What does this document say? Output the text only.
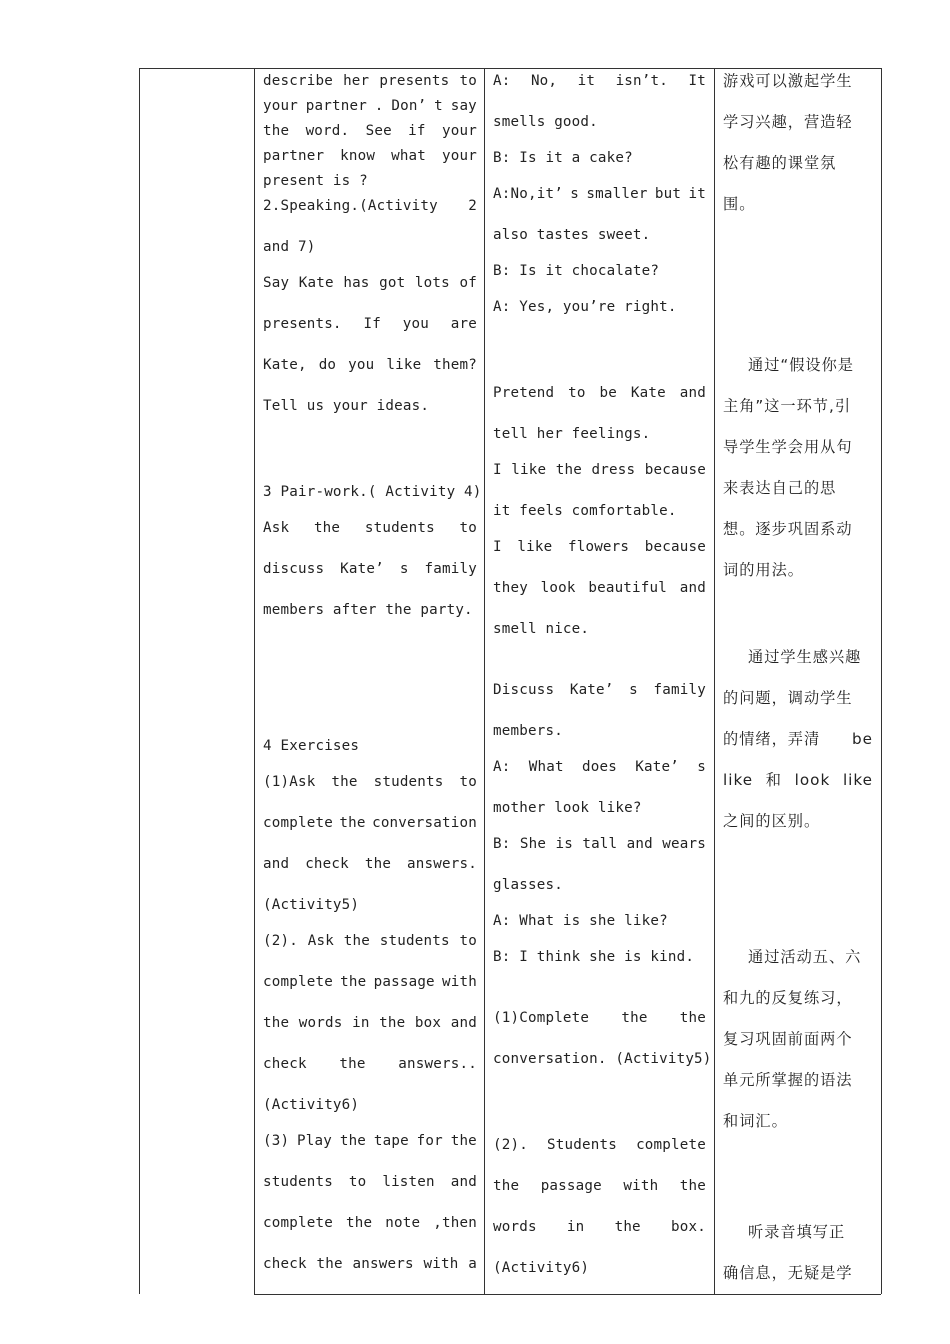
describe her presents to
your partner . Don’ t say
the word. See if your
partner know what your
present is ?
2.Speaking.(Activity 2
and 7)
Say Kate has got lots of
presents. If you are
Kate, do you like them?
Tell us your ideas.
3 Pair-work.( Activity 4)
Ask the students to
discuss Kate’ s family
members after the party.
4 Exercises
(1)Ask the students to
complete the conversation
and check the answers.
(Activity5)
(2). Ask the students to
complete the passage with
the words in the box and
check the answers..
(Activity6)
(3) Play the tape for the
students to listen and
complete the note ,then
check the answers with a
A: No, it isn’t. It
smells good.
B: Is it a cake?
A:No,it’ s smaller but it
also tastes sweet.
B: Is it chocalate?
A: Yes, you’re right.
Pretend to be Kate and
tell her feelings.
I like the dress because
it feels comfortable.
I like flowers because
they look beautiful and
smell nice.
Discuss Kate’ s family
members.
A: What does Kate’ s
mother look like?
B: She is tall and wears
glasses.
A: What is she like?
B: I think she is kind.
(1)Complete the the
conversation. (Activity5)
(2). Students complete
the passage with the
words in the box.
(Activity6)
游戏可以激起学生
学习兴趣，营造轻
松有趣的课堂氛
围。
通过“假设你是
主角”这一环节,引
导学生学会用从句
来表达自己的思
想。逐步巩固系动
词的用法。
通过学生感兴趣
的问题，调动学生
的情绪，弄清 be
like 和 look like
之间的区别。
通过活动五、六
和九的反复练习，
复习巩固前面两个
单元所掌握的语法
和词汇。
听录音填写正
确信息，无疑是学
